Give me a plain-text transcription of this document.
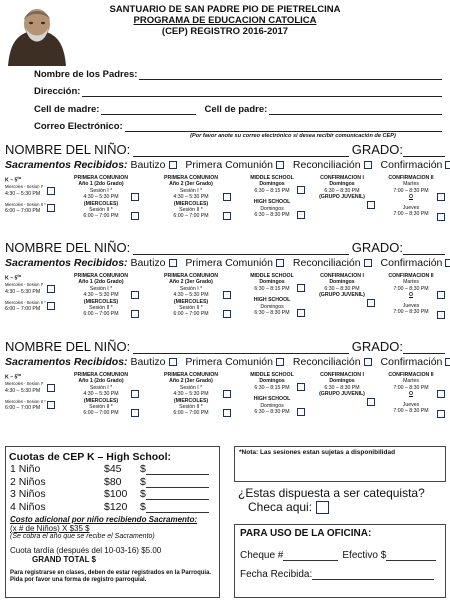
SANTUARIO DE SAN PADRE PIO DE PIETRELCINA
PROGRAMA DE EDUCACION CATOLICA
(CEP) REGISTRO 2016-2017
Nombre de los Padres:
Dirección:
Cell de madre:	Cell de padre:
Correo Electrónico:
(Por favor anote su correo electrónico si desea recibir comunicación de CEP)
NOMBRE DEL NIÑO:	GRADO:
Sacramentos Recibidos: Bautizo Primera Comunión Reconciliación Confirmación
K – $5^{to}$
Miercoles - Sesion I*
4:30 – 5:30 PM
Miercoles - Sesion II *
6:00 – 7:00 PM
PRIMERA COMUNION
Año 1 (2do Grado)
Sesión I *
4:30 – 5:30 PM
(MIERCOLES)
Sesión II *
6:00 – 7:00 PM
PRIMERA COMUNION
Año 2 (3er Grado)
Sesión I *
4:30 – 5:30 PM
(MIERCOLES)
Sesión II *
6:00 – 7:00 PM
MIDDLE SCHOOL
Domingos
6:30 – 8:15 PM
HIGH SCHOOL
Domingos
6:30 – 8:30 PM
CONFIRMACION I
Domingos
6:30 – 8:30 PM
(GRUPO JUVENIL)
CONFIRMACION II
Martes
7:00 – 8:30 PM
O
Jueves
7:00 – 8:30 PM
NOMBRE DEL NIÑO:	GRADO:
Sacramentos Recibidos: Bautizo Primera Comunión Reconciliación Confirmación
K – $5^{to}$
Miercoles - Sesion I*
4:30 – 5:30 PM
Miercoles - Sesion II *
6:00 – 7:00 PM
PRIMERA COMUNION
Año 1 (2do Grado)
Sesión I *
4:30 – 5:30 PM
(MIERCOLES)
Sesión II *
6:00 – 7:00 PM
PRIMERA COMUNION
Año 2 (3er Grado)
Sesión I *
4:30 – 5:30 PM
(MIERCOLES)
Sesión II *
6:00 – 7:00 PM
MIDDLE SCHOOL
Domingos
6:30 – 8:15 PM
HIGH SCHOOL
Domingos
6:30 – 8:30 PM
CONFIRMACION I
Domingos
6:30 – 8:30 PM
(GRUPO JUVENIL)
CONFIRMACION II
Martes
7:00 – 8:30 PM
O
Jueves
7:00 – 8:30 PM
NOMBRE DEL NIÑO:	GRADO:
Sacramentos Recibidos: Bautizo Primera Comunión Reconciliación Confirmación
K – $5^{to}$
Miercoles - Sesion I*
4:30 – 5:30 PM
Miercoles - Sesion II *
6:00 – 7:00 PM
PRIMERA COMUNION
Año 1 (2do Grado)
Sesión I *
4:30 – 5:30 PM
(MIERCOLES)
Sesión II *
6:00 – 7:00 PM
PRIMERA COMUNION
Año 2 (3er Grado)
Sesión I *
4:30 – 5:30 PM
(MIERCOLES)
Sesión II *
6:00 – 7:00 PM
MIDDLE SCHOOL
Domingos
6:30 – 8:15 PM
HIGH SCHOOL
Domingos
6:30 – 8:30 PM
CONFIRMACION I
Domingos
6:30 – 8:30 PM
(GRUPO JUVENIL)
CONFIRMACION II
Martes
7:00 – 8:30 PM
O
Jueves
7:00 – 8:30 PM
Cuotas de CEP K – High School:
1 Niño	$45	$
2 Niños	$80	$
3 Niños	$100	$
4 Niños	$120	$
Costo adicional por niño recibiendo Sacramento:
(x # de Niños) X $35 $
(Se cobra el año que se recibe el Sacramento)
Cuota tardía (después del 10-03-16) $5.00
GRAND TOTAL $
Para registrarse en clases, deben de estar registrados en la Parroquia. Pida por favor una forma de registro parroquial.
*Nota: Las sesiones estan sujetas a disponibilidad
¿Estas dispuesta a ser catequista?
Checa aqui:
PARA USO DE LA OFICINA:
Cheque #	Efectivo $
Fecha Recibida:
